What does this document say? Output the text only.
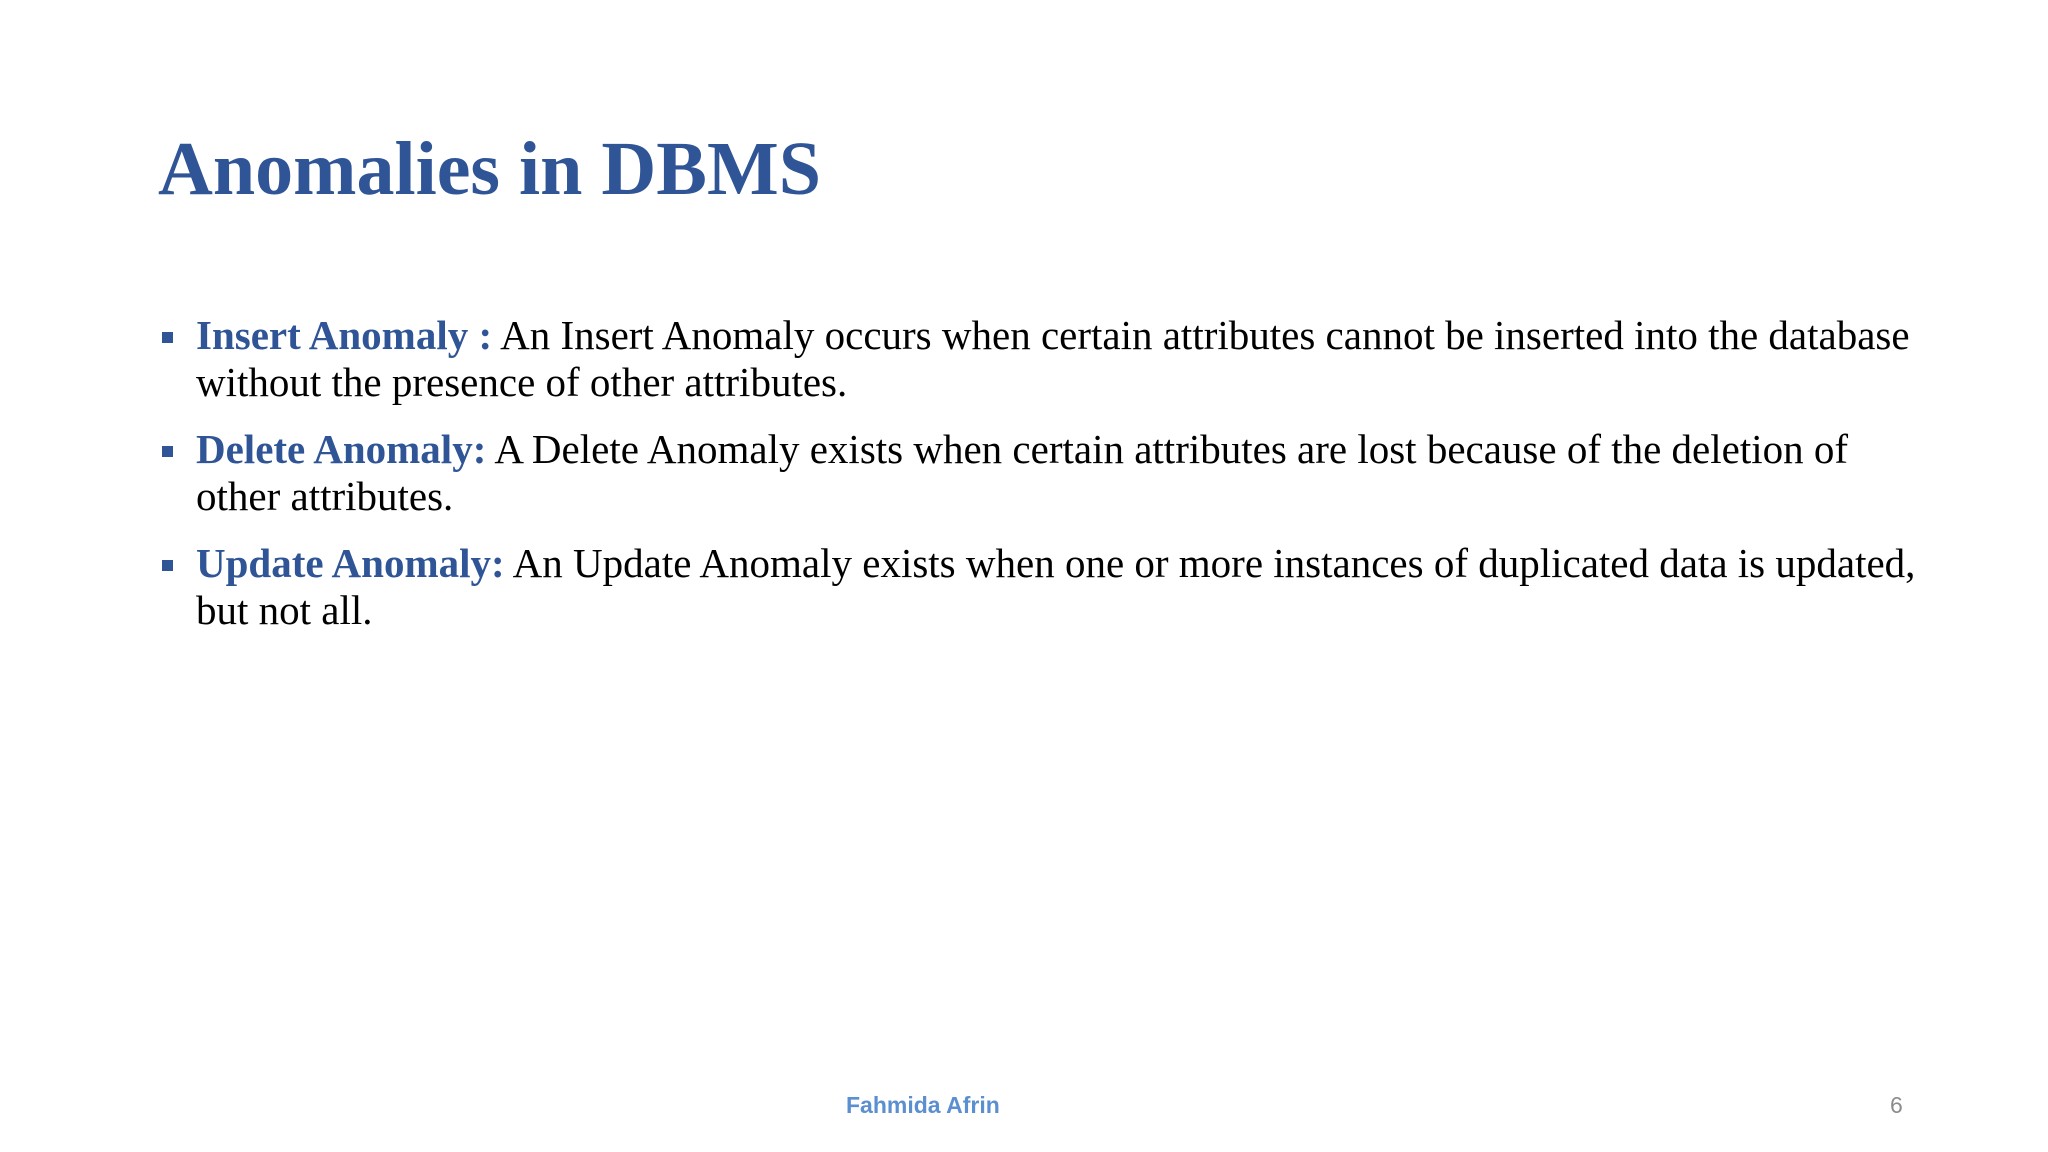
Anomalies in DBMS
Insert Anomaly : An Insert Anomaly occurs when certain attributes cannot be inserted into the database without the presence of other attributes.
Delete Anomaly: A Delete Anomaly exists when certain attributes are lost because of the deletion of other attributes.
Update Anomaly: An Update Anomaly exists when one or more instances of duplicated data is updated, but not all.
Fahmida Afrin	6
